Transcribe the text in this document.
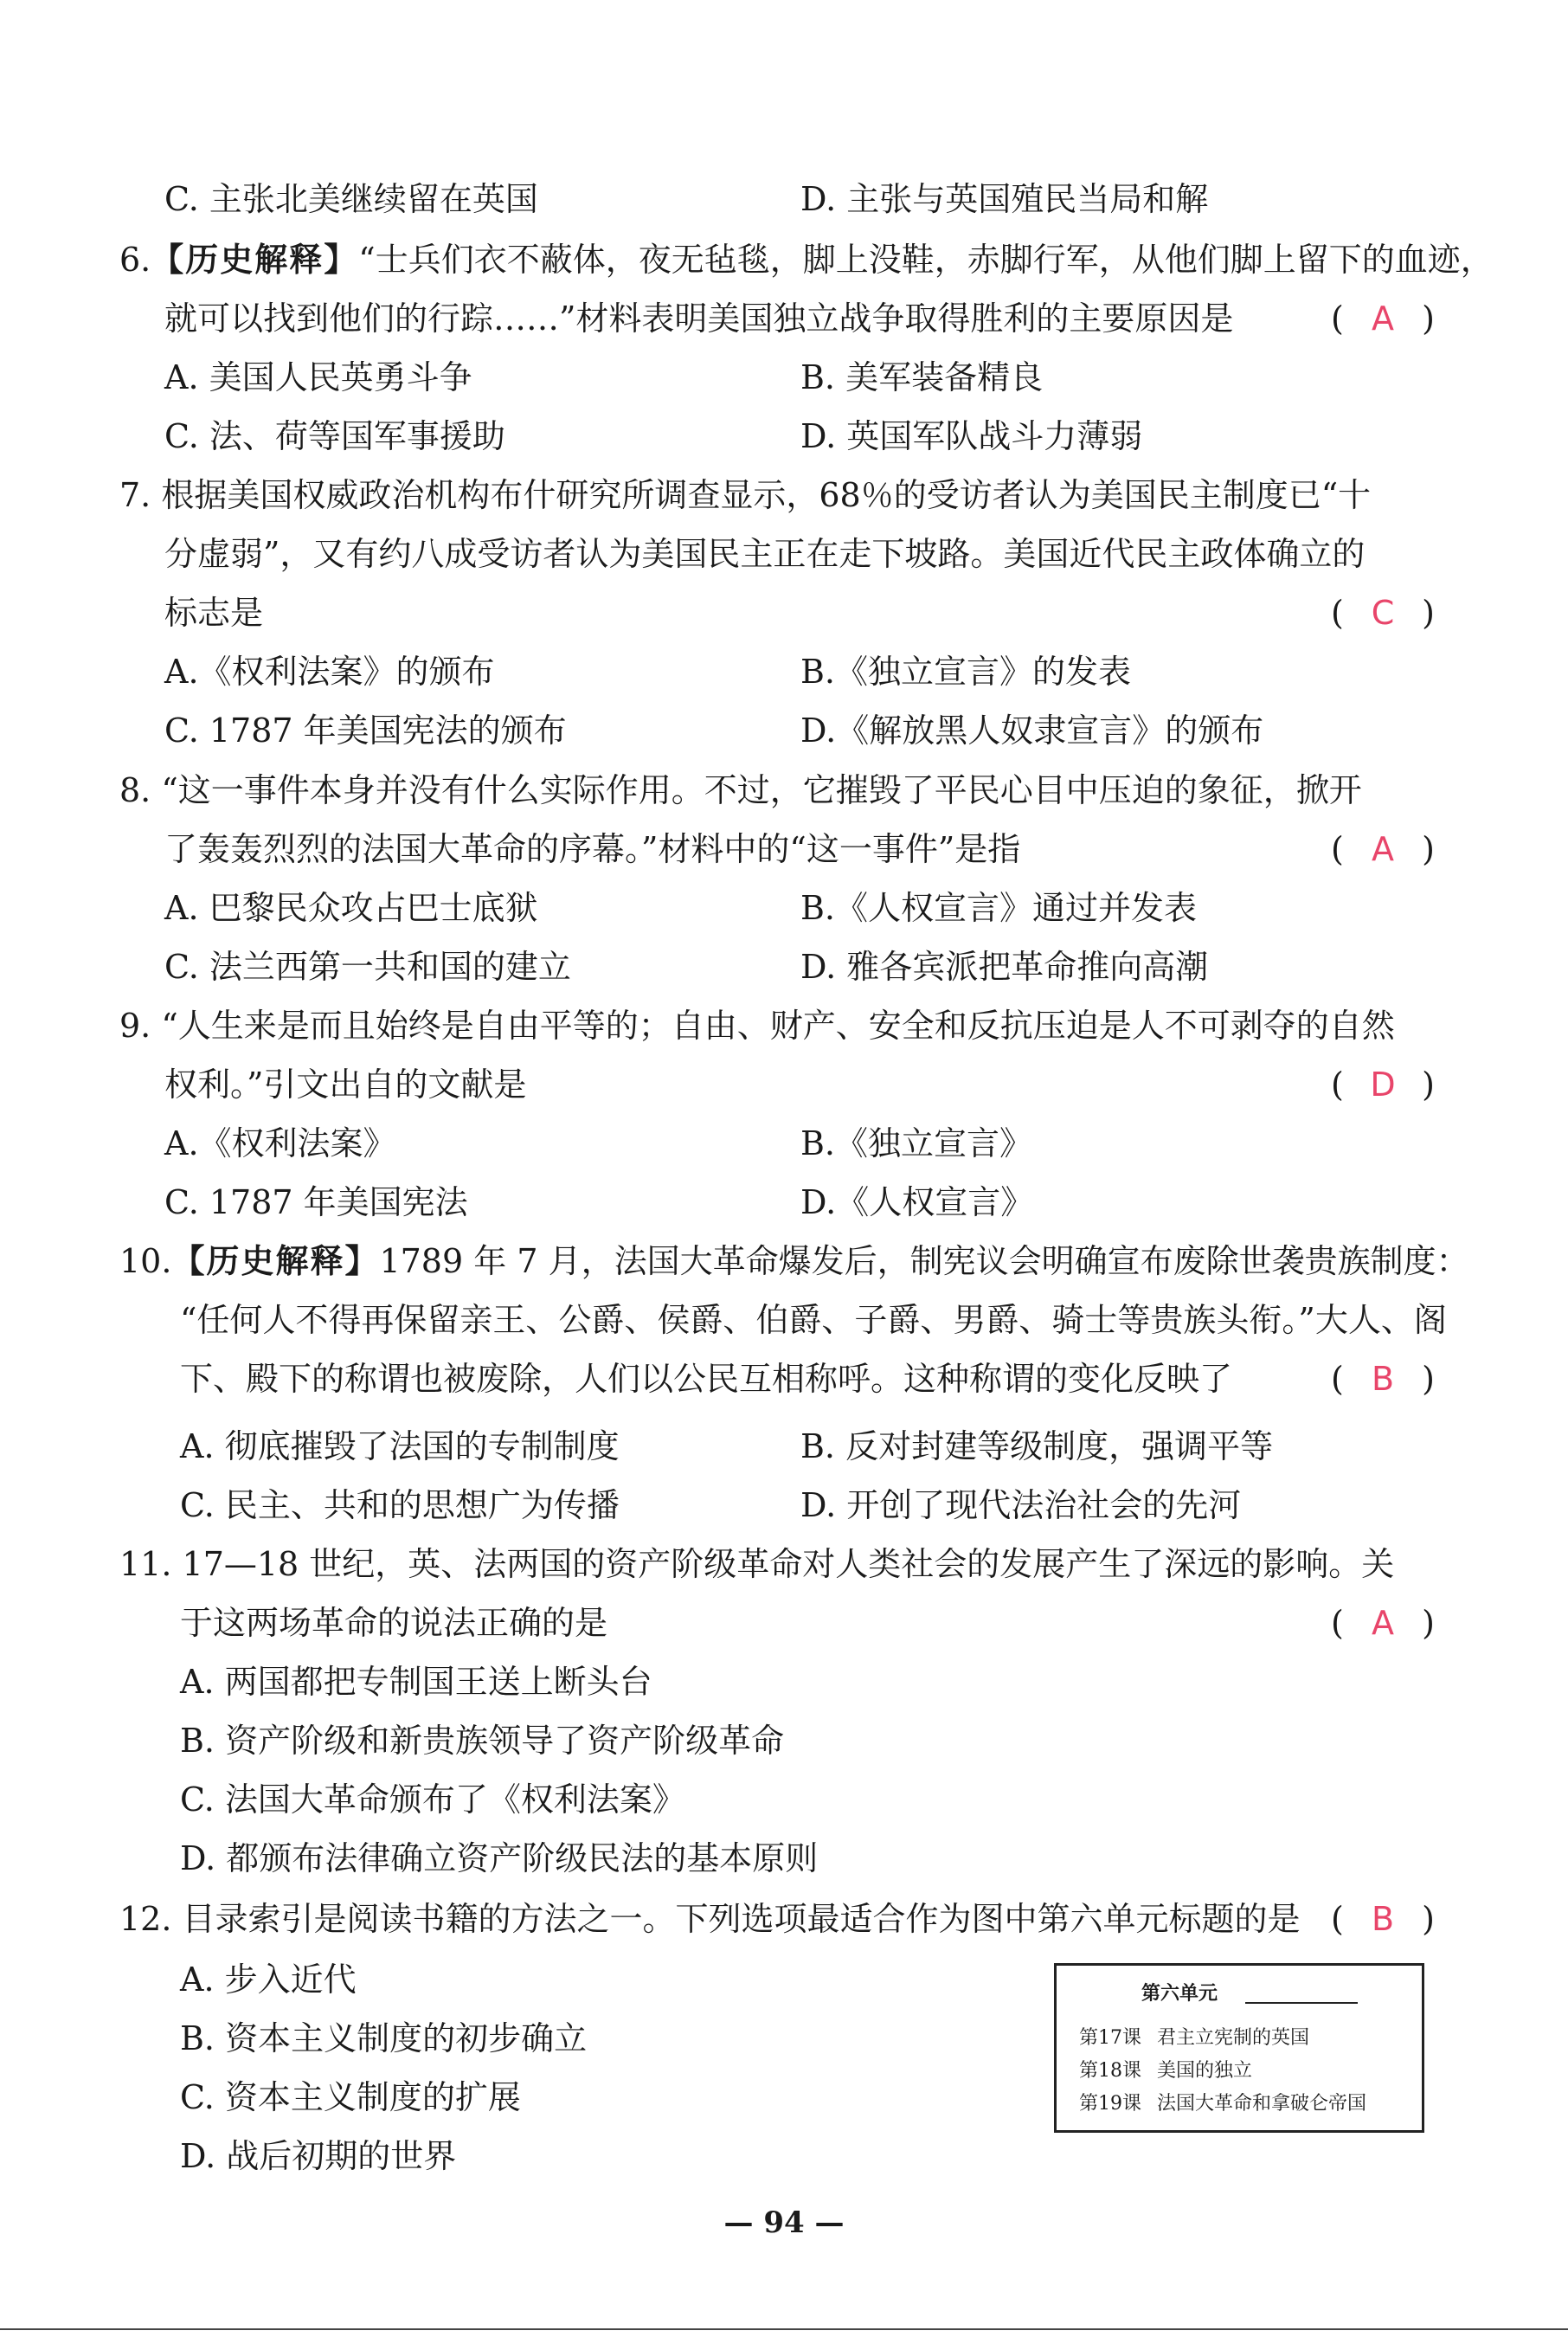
C. 主张北美继续留在英国	D. 主张与英国殖民当局和解
6.【历史解释】“士兵们衣不蔽体，夜无毡毯，脚上没鞋，赤脚行军，从他们脚上留下的血迹，
就可以找到他们的行踪……”材料表明美国独立战争取得胜利的主要原因是	( A )
A. 美国人民英勇斗争	B. 美军装备精良
C. 法、荷等国军事援助	D. 英国军队战斗力薄弱
7. 根据美国权威政治机构布什研究所调查显示，68％的受访者认为美国民主制度已“十
分虚弱”，又有约八成受访者认为美国民主正在走下坡路。美国近代民主政体确立的
标志是	( C )
A.《权利法案》的颁布	B.《独立宣言》的发表
C. 1787 年美国宪法的颁布	D.《解放黑人奴隶宣言》的颁布
8. “这一事件本身并没有什么实际作用。不过，它摧毁了平民心目中压迫的象征，掀开
了轰轰烈烈的法国大革命的序幕。”材料中的“这一事件”是指	( A )
A. 巴黎民众攻占巴士底狱	B.《人权宣言》通过并发表
C. 法兰西第一共和国的建立	D. 雅各宾派把革命推向高潮
9. “人生来是而且始终是自由平等的；自由、财产、安全和反抗压迫是人不可剥夺的自然
权利。”引文出自的文献是	( D )
A.《权利法案》	B.《独立宣言》
C. 1787 年美国宪法	D.《人权宣言》
10.【历史解释】1789 年 7 月，法国大革命爆发后，制宪议会明确宣布废除世袭贵族制度：
“任何人不得再保留亲王、公爵、侯爵、伯爵、子爵、男爵、骑士等贵族头衔。”大人、阁
下、殿下的称谓也被废除，人们以公民互相称呼。这种称谓的变化反映了	( B )
A. 彻底摧毁了法国的专制制度	B. 反对封建等级制度，强调平等
C. 民主、共和的思想广为传播	D. 开创了现代法治社会的先河
11. 17—18 世纪，英、法两国的资产阶级革命对人类社会的发展产生了深远的影响。关
于这两场革命的说法正确的是	( A )
A. 两国都把专制国王送上断头台
B. 资产阶级和新贵族领导了资产阶级革命
C. 法国大革命颁布了《权利法案》
D. 都颁布法律确立资产阶级民法的基本原则
12. 目录索引是阅读书籍的方法之一。下列选项最适合作为图中第六单元标题的是 ( B )
A. 步入近代
B. 资本主义制度的初步确立
C. 资本主义制度的扩展
D. 战后初期的世界
第六单元
第17课 君主立宪制的英国
第18课 美国的独立
第19课 法国大革命和拿破仑帝国
— 94 —
